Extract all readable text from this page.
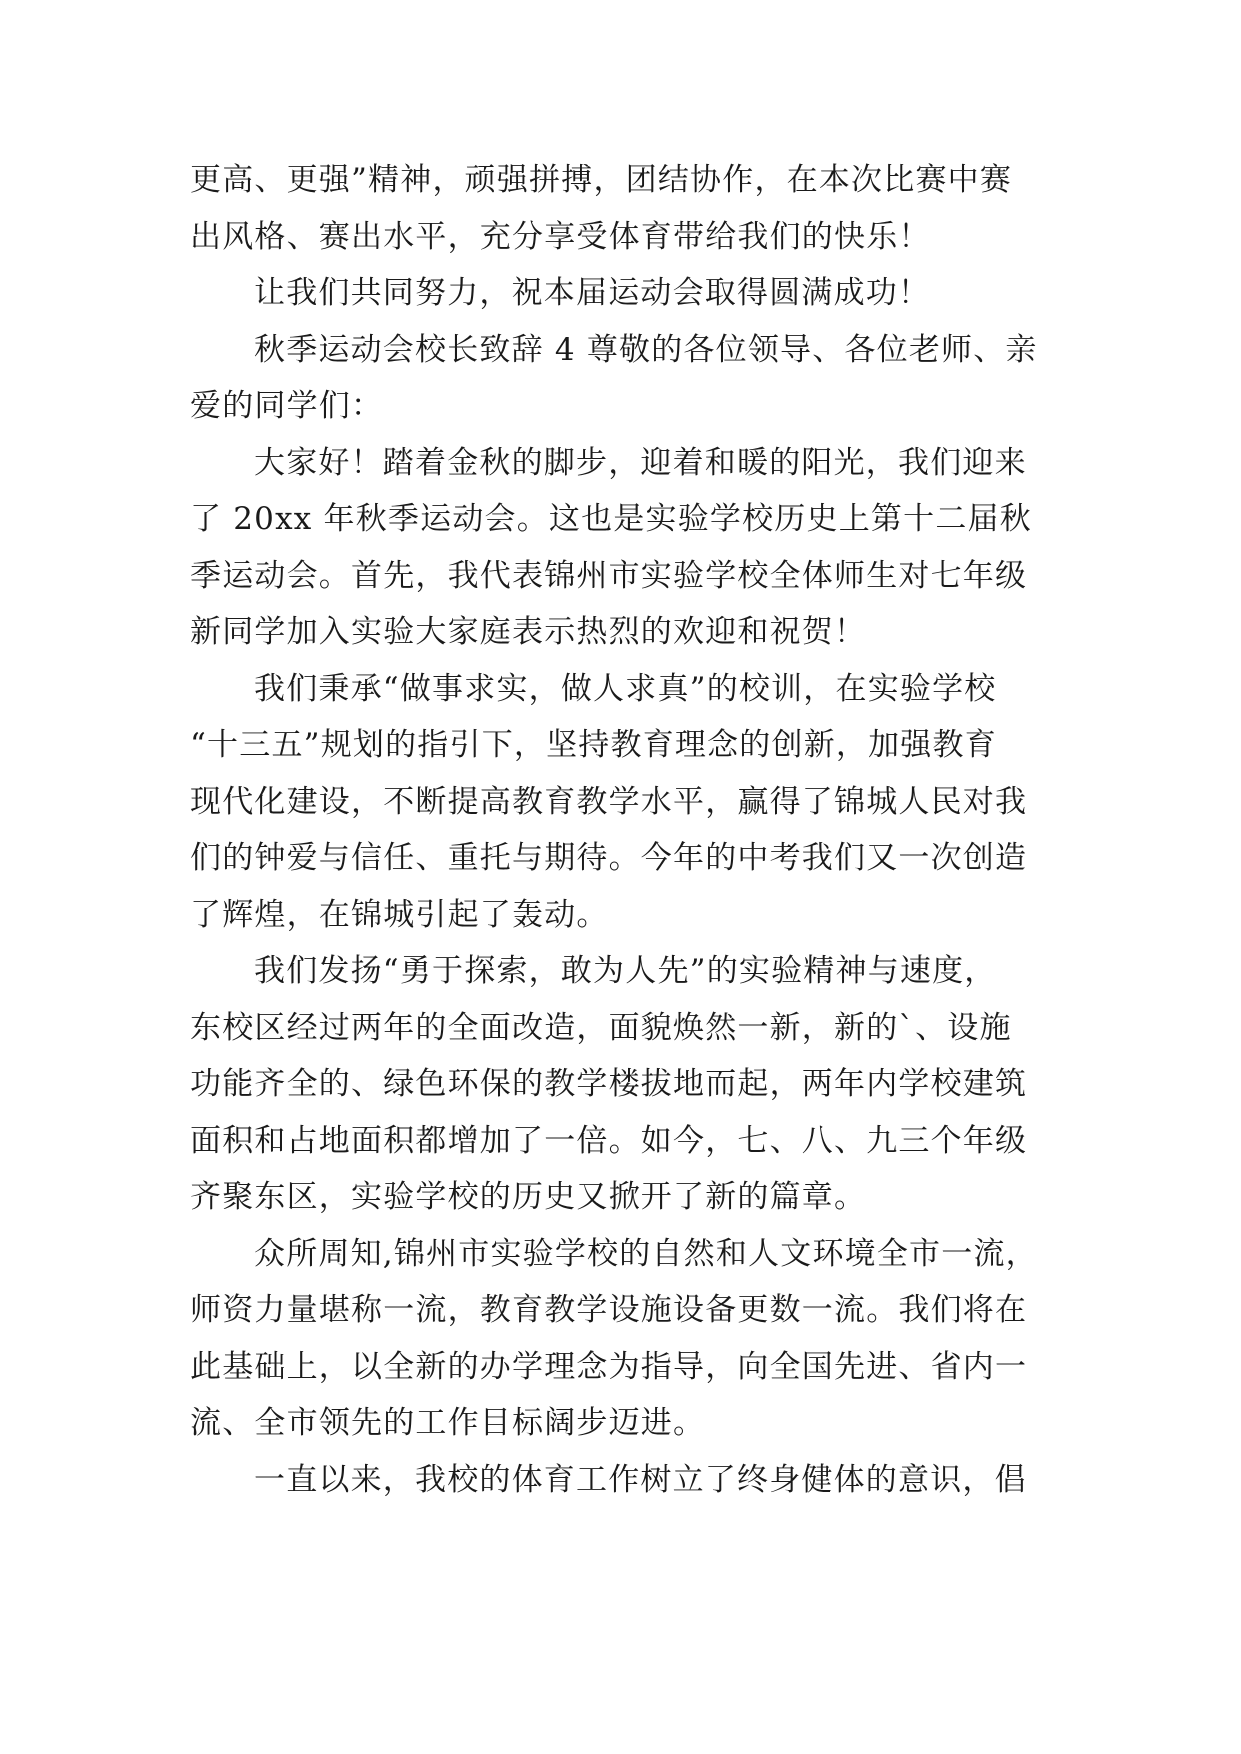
更高、更强”精神，顽强拼搏，团结协作，在本次比赛中赛
出风格、赛出水平，充分享受体育带给我们的快乐！
让我们共同努力，祝本届运动会取得圆满成功！
秋季运动会校长致辞 4 尊敬的各位领导、各位老师、亲
爱的同学们：
大家好！踏着金秋的脚步，迎着和暖的阳光，我们迎来
了 20xx 年秋季运动会。这也是实验学校历史上第十二届秋
季运动会。首先，我代表锦州市实验学校全体师生对七年级
新同学加入实验大家庭表示热烈的欢迎和祝贺！
我们秉承“做事求实，做人求真”的校训，在实验学校
“十三五”规划的指引下，坚持教育理念的创新，加强教育
现代化建设，不断提高教育教学水平，赢得了锦城人民对我
们的钟爱与信任、重托与期待。今年的中考我们又一次创造
了辉煌，在锦城引起了轰动。
我们发扬“勇于探索，敢为人先”的实验精神与速度，
东校区经过两年的全面改造，面貌焕然一新，新的`、设施
功能齐全的、绿色环保的教学楼拔地而起，两年内学校建筑
面积和占地面积都增加了一倍。如今，七、八、九三个年级
齐聚东区，实验学校的历史又掀开了新的篇章。
众所周知,锦州市实验学校的自然和人文环境全市一流，
师资力量堪称一流，教育教学设施设备更数一流。我们将在
此基础上，以全新的办学理念为指导，向全国先进、省内一
流、全市领先的工作目标阔步迈进。
一直以来，我校的体育工作树立了终身健体的意识，倡
